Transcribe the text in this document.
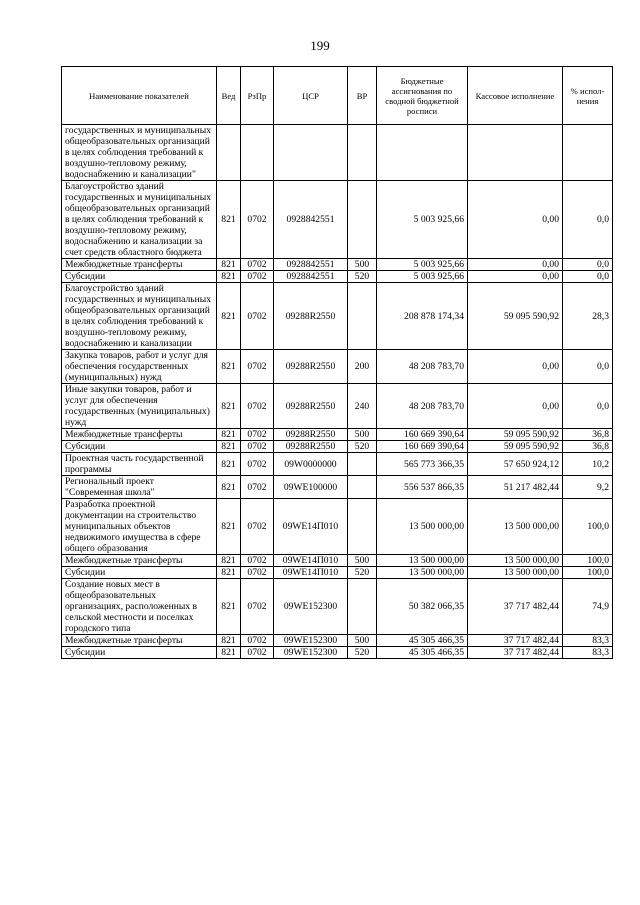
199
Наименование показателей	Вед	РзПр	ЦСР	ВР	Бюджетные ассигнования по сводной бюджетной росписи	Кассовое исполнение	% испол-нения
государственных и муниципальных общеобразовательных организаций в целях соблюдения требований к воздушно-тепловому режиму, водоснабжению и канализации"							
Благоустройство зданий государственных и муниципальных общеобразовательных организаций в целях соблюдения требований к воздушно-тепловому режиму, водоснабжению и канализации за счет средств областного бюджета	821	0702	0928842551		5 003 925,66	0,00	0,0
Межбюджетные трансферты	821	0702	0928842551	500	5 003 925,66	0,00	0,0
Субсидии	821	0702	0928842551	520	5 003 925,66	0,00	0,0
Благоустройство зданий государственных и муниципальных общеобразовательных организаций в целях соблюдения требований к воздушно-тепловому режиму, водоснабжению и канализации	821	0702	09288R2550		208 878 174,34	59 095 590,92	28,3
Закупка товаров, работ и услуг для обеспечения государственных (муниципальных) нужд	821	0702	09288R2550	200	48 208 783,70	0,00	0,0
Иные закупки товаров, работ и услуг для обеспечения государственных (муниципальных) нужд	821	0702	09288R2550	240	48 208 783,70	0,00	0,0
Межбюджетные трансферты	821	0702	09288R2550	500	160 669 390,64	59 095 590,92	36,8
Субсидии	821	0702	09288R2550	520	160 669 390,64	59 095 590,92	36,8
Проектная часть государственной программы	821	0702	09W0000000		565 773 366,35	57 650 924,12	10,2
Региональный проект "Современная школа"	821	0702	09WE100000		556 537 866,35	51 217 482,44	9,2
Разработка проектной документации на строительство муниципальных объектов недвижимого имущества в сфере общего образования	821	0702	09WE14П010		13 500 000,00	13 500 000,00	100,0
Межбюджетные трансферты	821	0702	09WE14П010	500	13 500 000,00	13 500 000,00	100,0
Субсидии	821	0702	09WE14П010	520	13 500 000,00	13 500 000,00	100,0
Создание новых мест в общеобразовательных организациях, расположенных в сельской местности и поселках городского типа	821	0702	09WE152300		50 382 066,35	37 717 482,44	74,9
Межбюджетные трансферты	821	0702	09WE152300	500	45 305 466,35	37 717 482,44	83,3
Субсидии	821	0702	09WE152300	520	45 305 466,35	37 717 482,44	83,3
